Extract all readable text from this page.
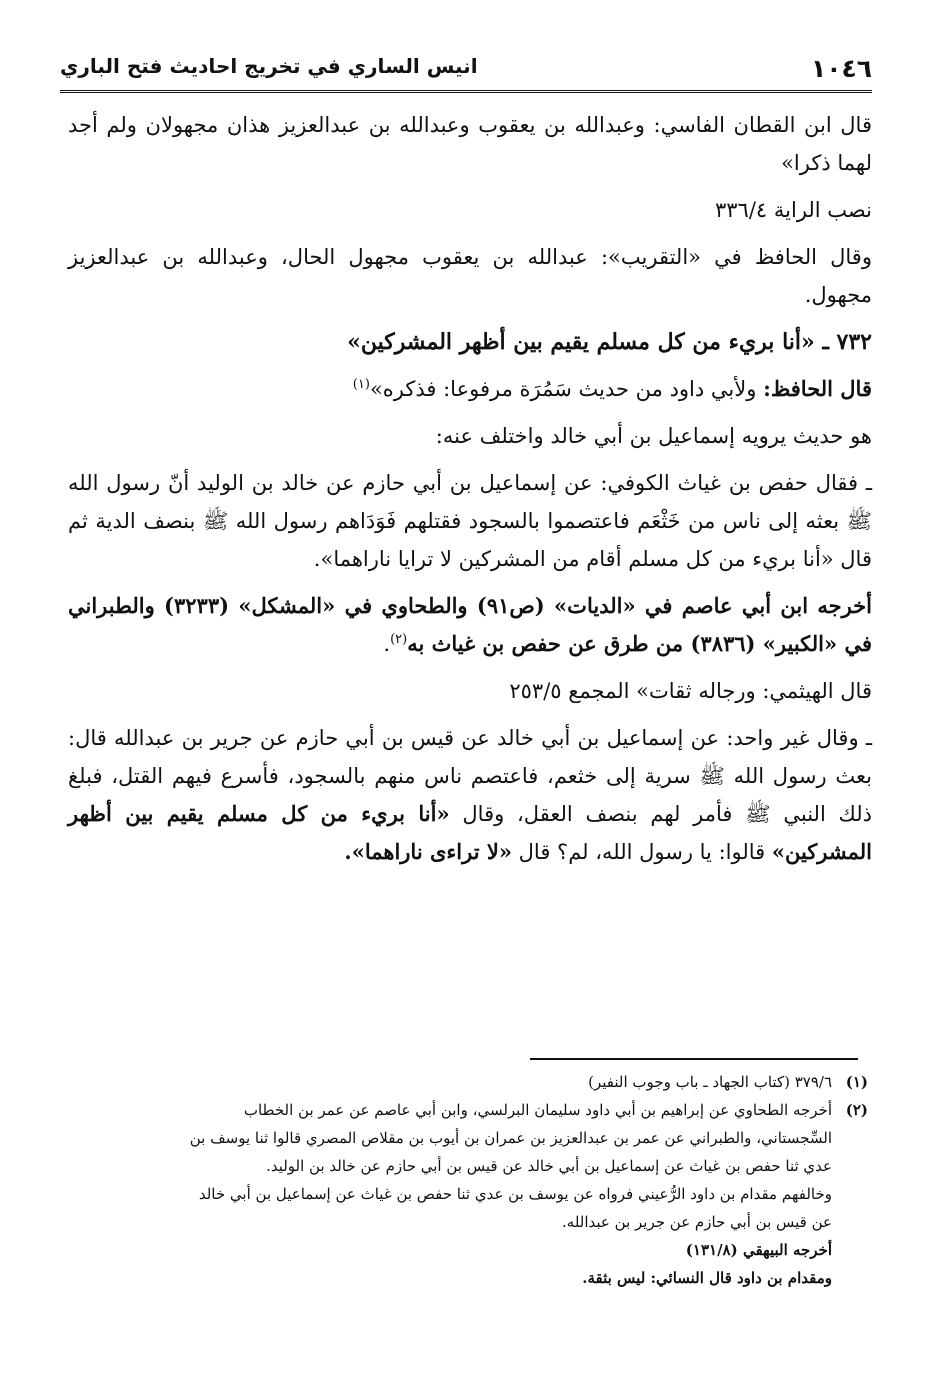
١٠٤٦
انيس الساري في تخريج احاديث فتح الباري

قال ابن القطان الفاسي: وعبدالله بن يعقوب وعبدالله بن عبدالعزيز هذان مجهولان ولم أجد لهما ذكرا»

نصب الراية ٣٣٦/٤

وقال الحافظ في «التقريب»: عبدالله بن يعقوب مجهول الحال، وعبدالله بن عبدالعزيز مجهول.

٧٣٢ ـ «أنا بريء من كل مسلم يقيم بين أظهر المشركين»

قال الحافظ: ولأبي داود من حديث سَمُرَة مرفوعا: فذكره»$^{(١)}$

هو حديث يرويه إسماعيل بن أبي خالد واختلف عنه:

ـ فقال حفص بن غياث الكوفي: عن إسماعيل بن أبي حازم عن خالد بن الوليد أنّ رسول الله ﷺ بعثه إلى ناس من خَثْعَم فاعتصموا بالسجود فقتلهم فَوَدَاهم رسول الله ﷺ بنصف الدية ثم قال «أنا بريء من كل مسلم أقام من المشركين لا ترايا ناراهما».

أخرجه ابن أبي عاصم في «الديات» (ص٩١) والطحاوي في «المشكل» (٣٢٣٣) والطبراني في «الكبير» (٣٨٣٦) من طرق عن حفص بن غياث به$^{(٢)}$.

قال الهيثمي: ورجاله ثقات» المجمع ٢٥٣/٥

ـ وقال غير واحد: عن إسماعيل بن أبي خالد عن قيس بن أبي حازم عن جرير بن عبدالله قال: بعث رسول الله ﷺ سرية إلى خثعم، فاعتصم ناس منهم بالسجود، فأسرع فيهم القتل، فبلغ ذلك النبي ﷺ فأمر لهم بنصف العقل، وقال «أنا بريء من كل مسلم يقيم بين أظهر المشركين» قالوا: يا رسول الله، لم؟ قال «لا تراءى ناراهما».

(١)
٣٧٩/٦ (كتاب الجهاد ـ باب وجوب النفير)
(٢)
أخرجه الطحاوي عن إبراهيم بن أبي داود سليمان البرلسي، وابن أبي عاصم عن عمر بن الخطاب
السِّجستاني، والطبراني عن عمر بن عبدالعزيز بن عمران بن أيوب بن مقلاص المصري قالوا ثنا يوسف بن
عدي ثنا حفص بن غياث عن إسماعيل بن أبي خالد عن قيس بن أبي حازم عن خالد بن الوليد.
وخالفهم مقدام بن داود الرُّعيني فرواه عن يوسف بن عدي ثنا حفص بن غياث عن إسماعيل بن أبي خالد
عن قيس بن أبي حازم عن جرير بن عبدالله.
أخرجه البيهقي (١٣١/٨)
ومقدام بن داود قال النسائي: ليس بثقة.
